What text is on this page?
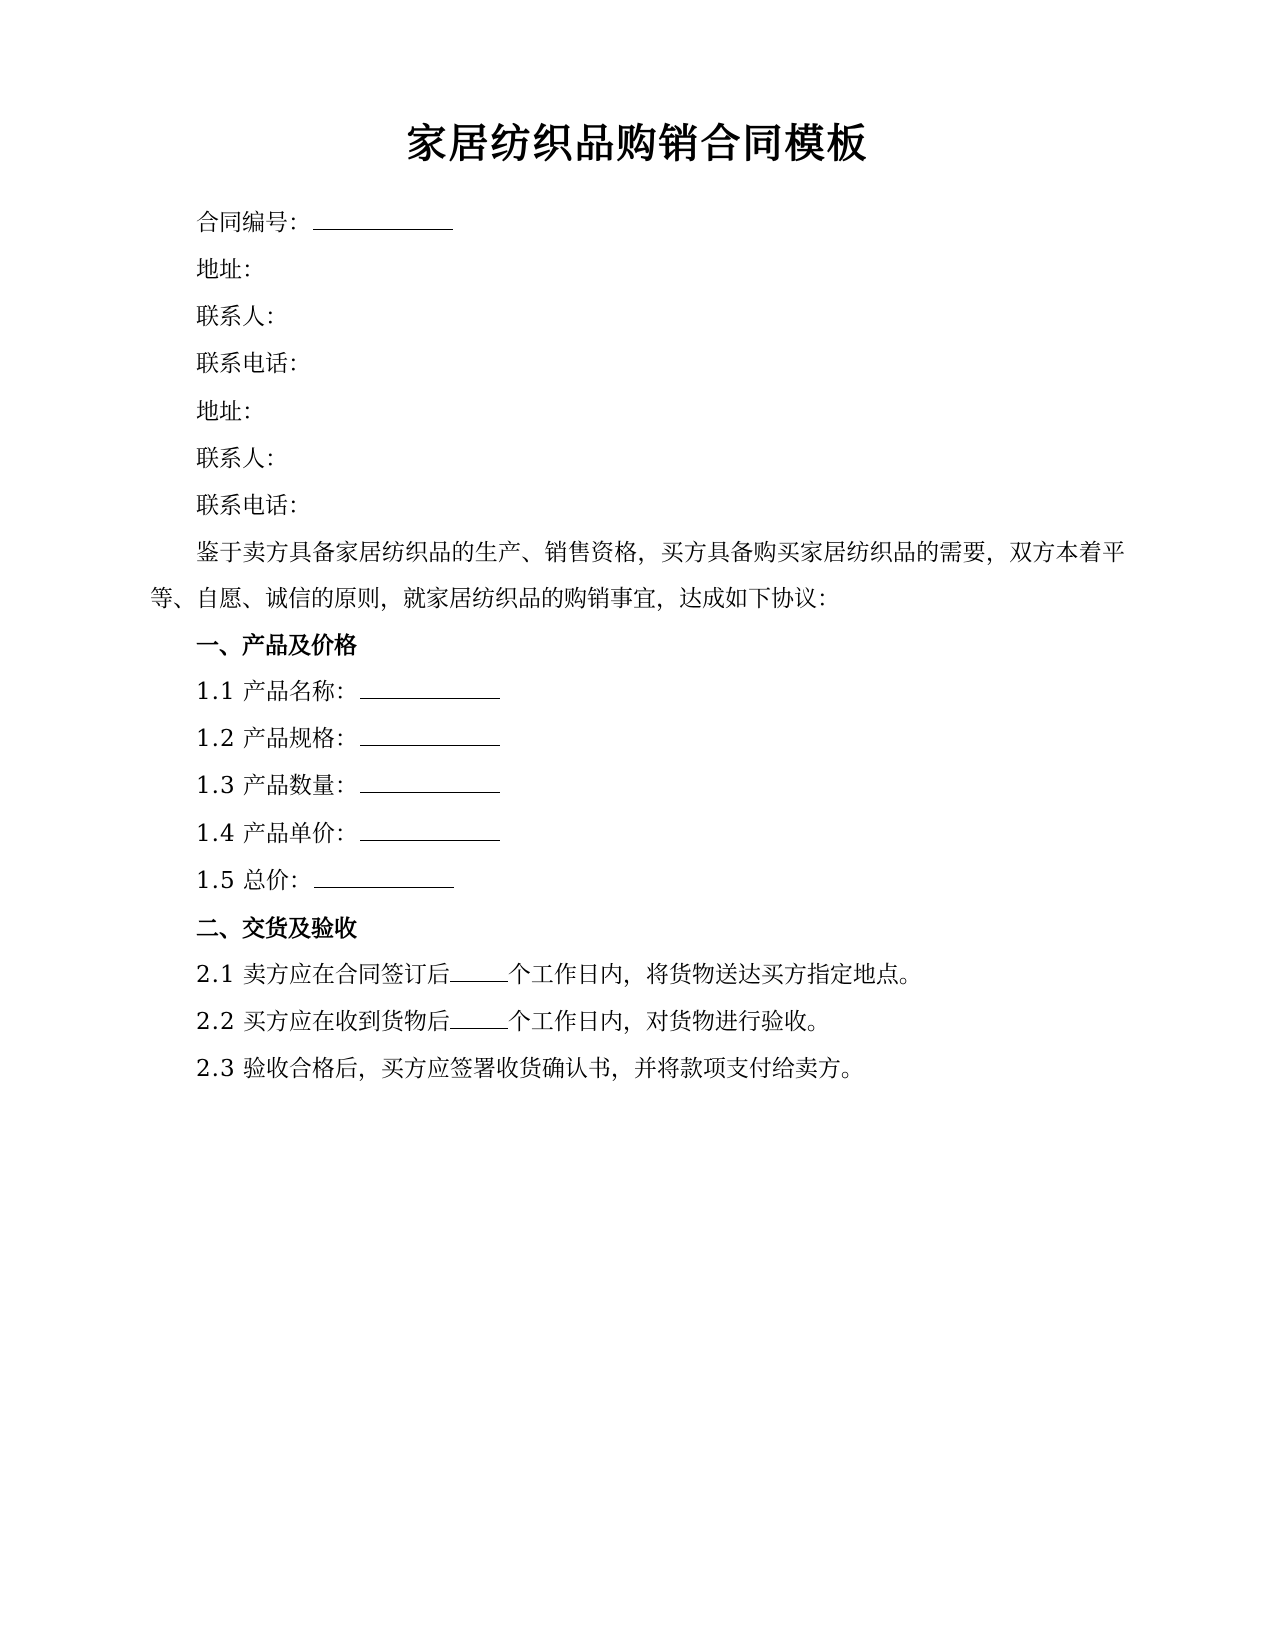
家居纺织品购销合同模板

合同编号：

地址：

联系人：

联系电话：

地址：

联系人：

联系电话：

鉴于卖方具备家居纺织品的生产、销售资格，买方具备购买家居纺织品的需要，双方本着平等、自愿、诚信的原则，就家居纺织品的购销事宜，达成如下协议：

一、产品及价格

1.1 产品名称：

1.2 产品规格：

1.3 产品数量：

1.4 产品单价：

1.5 总价：

二、交货及验收

2.1 卖方应在合同签订后	个工作日内，将货物送达买方指定地点。

2.2 买方应在收到货物后	个工作日内，对货物进行验收。

2.3 验收合格后，买方应签署收货确认书，并将款项支付给卖方。
